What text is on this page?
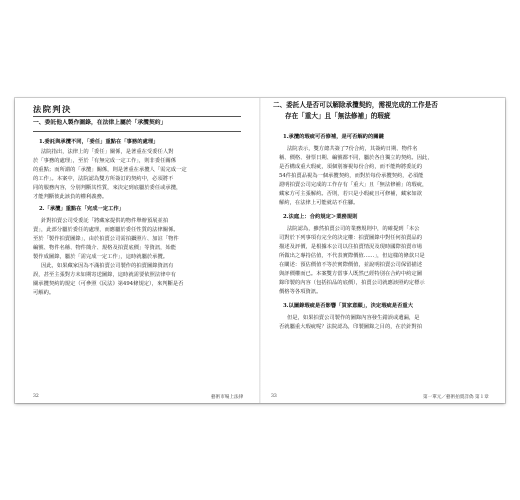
法院判決

一、委託他人製作圖錄，在法律上屬於「承攬契約」

1.委託與承攬不同，「委任」重點在「事務的處理」

法院指出，法律上的「委任」關係，是著重在受委任人對

於「事務的處理」，至於「有無完成一定工作」，則非委任關係

的重點；而所謂的「承攬」關係，則是著重在承攬人「需完成一定

的工作」。本案中，法院認為雙方所簽訂的契約中，必須將不

同的服務內容，分別判斷其性質，來決定到底屬於委任或承攬，

才能判斷彼此該負的權利義務。

2.「承攬」重點在「完成一定工作」

針對拍賣公司受委託「將藏家提供的物件舉辦預展並拍

賣」，此部分屬於委任的處理，而應屬於委任性質的法律關係。

至於「製作拍賣圖錄」，由於拍賣公司需拍攝照片、加註「物件

編號、物件名稱、物件簡介、規格及拍賣底價」等資訊，始能

製作成圖錄，屬於「需完成一定工作」，這時就屬於承攬。

因此，如果藏家因為不滿拍賣公司製作的拍賣圖錄資訊有

誤，甚至主張對方未如期寄送圖錄，這時就需要依照法律中有

關承攬契約的規定（可參照《民法》第494條規定），來判斷是否

可解約。

32	藝術市場上法律

二、委託人是否可以解除承攬契約，需視完成的工作是否

存在「重大」且「無法修補」的瑕疵

1.承攬的瑕疵可否修補，是可否解約的關鍵

法院表示，雙方總共簽了7份合約，其簽約日期、物件名

稱、價格、發票日期、編號都不同，屬於各自獨立的契約。因此，

是否構成重大瑕疵，須個別審視每份合約，而不能夠將委託的

54件拍賣品視為一個承攬契約，而對於每份承攬契約，必須能

證明拍賣公司完成的工作存有「重大」且「無法修補」的瑕疵，

藏家方可主張解約。否則，若只是小瑕疵且可修補，藏家如欲

解約，在法律上可能就站不住腳。

2.法庭上：合約規定＞業務規則

法院認為，雖然拍賣公司的業務規則中，的確提到「本公

司對於下列事項有完全的決定權：拍賣圖錄中對任何拍賣品的

描述及評價，是根據本公司以往拍賣情況及現時國際拍賣市場

所做出之專持估值，不代表實際價值……」，但這樣的條款只是

在闡述：預估價值不等於實際價值，並說明拍賣公司保留描述

與評價權而已。本案雙方當事人既然已經特別在合約中約定圖

錄印製的內容（包括拍品的底價），拍賣公司就應該照約定標示

價格等各項資訊。

3.以圖錄瑕疵是否影響「買家意願」，決定瑕疵是否重大

但是，如果拍賣公司製作的圖錄內容發生錯誤或遺漏，是

否就屬重大瑕疵呢？法院認為，印製圖錄之目的，在於針對拍

33	第一單元／藝術拍賣詐偽 第１章
